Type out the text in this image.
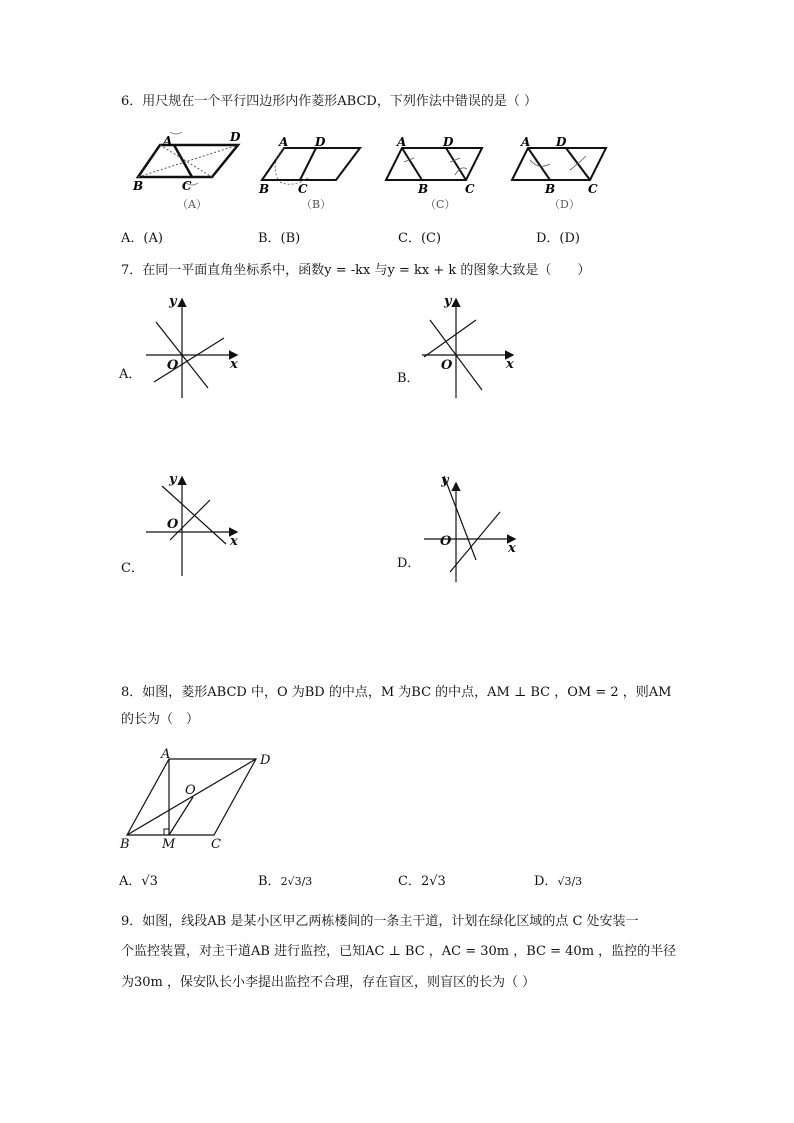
6．用尺规在一个平行四边形内作菱形ABCD，下列作法中错误的是（ ）
A	D
B	C
A D
B C
A	D
B	C
A D
B	C
（A）	（B）	（C）	（D）
A．(A)	B．(B)	C．(C)	D．(D)
7．在同一平面直角坐标系中，函数y = -kx 与y = kx + k 的图象大致是（　　）
y
x
O
y
x
O
y
x
O
y
x
O
A．	B．
C．	D．
8．如图，菱形ABCD 中，O 为BD 的中点，M 为BC 的中点，AM ⊥ BC ，OM = 2 ，则AM
的长为（　）
A	D
O
B M	C
A．√3	B．2√3/3	C．2√3	D．√3/3
9．如图，线段AB 是某小区甲乙两栋楼间的一条主干道，计划在绿化区域的点 C 处安装一
个监控装置，对主干道AB 进行监控，已知AC ⊥ BC ，AC = 30m ，BC = 40m ，监控的半径
为30m ，保安队长小李提出监控不合理，存在盲区，则盲区的长为（ ）
